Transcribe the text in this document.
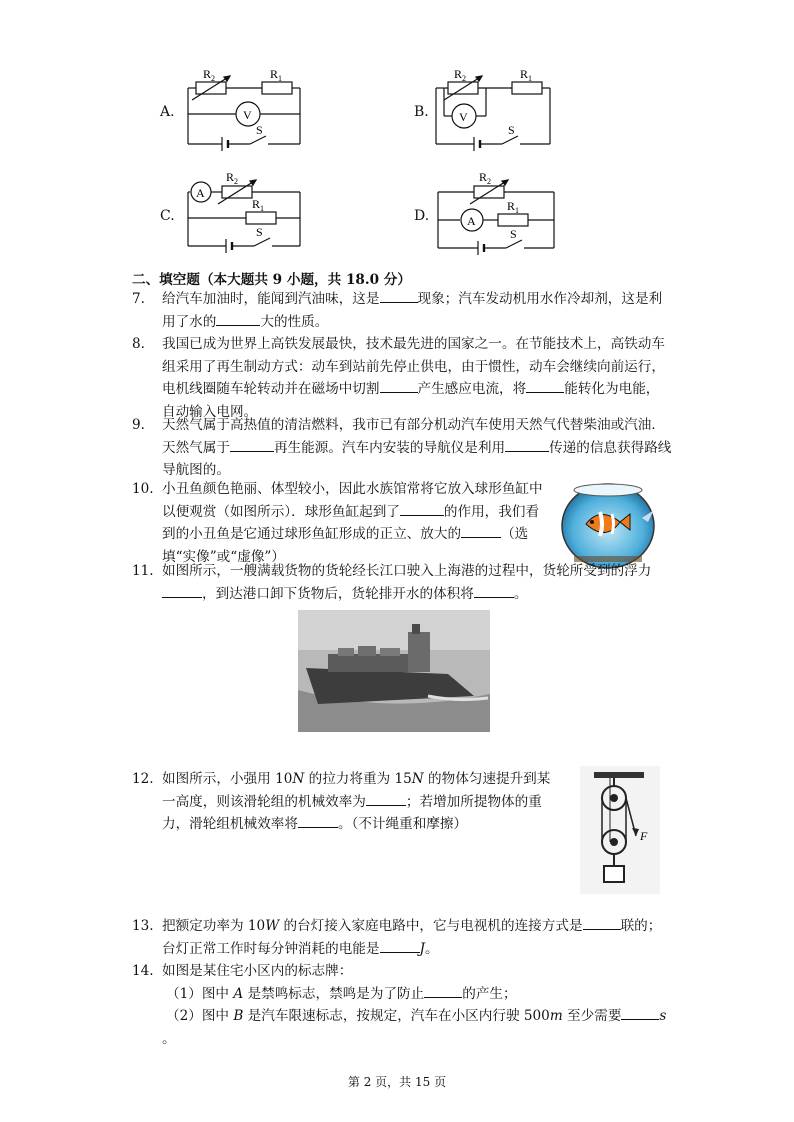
A.
R 2	R 1
V
S
B.
R 2	R 1
V
S
C.
A
R 2
R 1
S
D.
R 2
A
R 1
S
二、填空题（本大题共 9 小题，共 18.0 分）
7.	给汽车加油时，能闻到汽油味，这是	现象；汽车发动机用水作冷却剂，这是利用了水的	大的性质。
8.	我国已成为世界上高铁发展最快，技术最先进的国家之一。在节能技术上，高铁动车组采用了再生制动方式：动车到站前先停止供电，由于惯性，动车会继续向前运行，电机线圈随车轮转动并在磁场中切割	产生感应电流，将	能转化为电能，自动输入电网。
9.	天然气属于高热值的清洁燃料，我市已有部分机动汽车使用天然气代替柴油或汽油．天然气属于	再生能源。汽车内安装的导航仪是利用	传递的信息获得路线导航图的。
10. 小丑鱼颜色艳丽、体型较小，因此水族馆常将它放入球形鱼缸中以便观赏（如图所示）．球形鱼缸起到了	的作用，我们看到的小丑鱼是它通过球形鱼缸形成的正立、放大的	（选填“实像”或“虚像”）
11. 如图所示，一艘满载货物的货轮经长江口驶入上海港的过程中，货轮所受到的浮力，到达港口卸下货物后，货轮排开水的体积将	。
12. 如图所示，小强用 10N 的拉力将重为 15N 的物体匀速提升到某一高度，则该滑轮组的机械效率为	；若增加所提物体的重力，滑轮组机械效率将	。（不计绳重和摩擦）
F
13. 把额定功率为 10W 的台灯接入家庭电路中，它与电视机的连接方式是	联的；台灯正常工作时每分钟消耗的电能是	J。
14. 如图是某住宅小区内的标志牌：
（1）图中 A 是禁鸣标志，禁鸣是为了防止	的产生；
（2）图中 B 是汽车限速标志，按规定，汽车在小区内行驶 500m 至少需要	s
。
第 2 页，共 15 页
